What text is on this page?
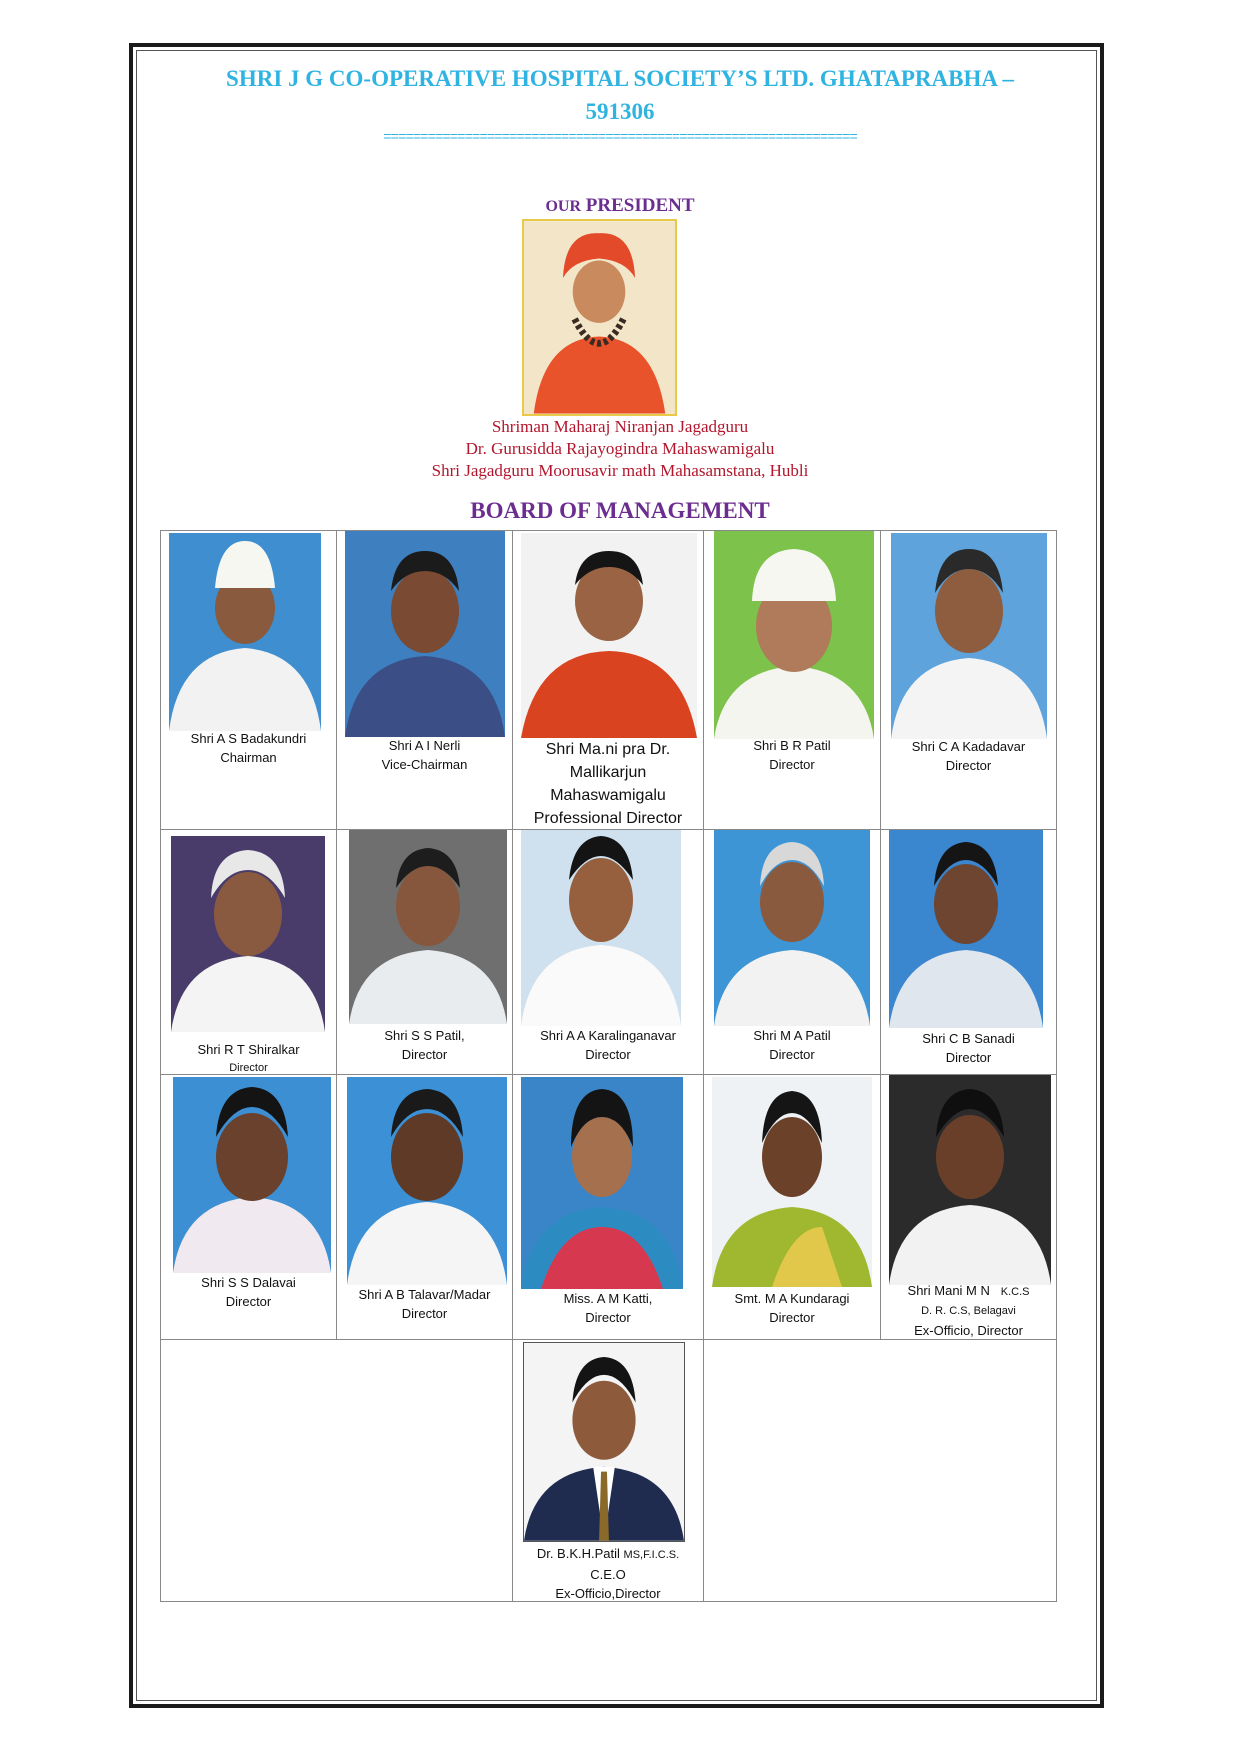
SHRI J G CO-OPERATIVE HOSPITAL SOCIETY’S LTD. GHATAPRABHA –
591306
================================================================
OUR PRESIDENT
Shriman Maharaj Niranjan Jagadguru
Dr. Gurusidda Rajayogindra Mahaswamigalu
Shri Jagadguru Moorusavir math Mahasamstana, Hubli
BOARD OF MANAGEMENT
Shri A S Badakundri
Chairman
Shri A I Nerli
Vice-Chairman
Shri Ma.ni pra Dr.
Mallikarjun
Mahaswamigalu
Professional Director
Shri B R Patil
Director
Shri C A Kadadavar
Director
Shri R T Shiralkar
Director
Shri S S Patil,
Director
Shri A A Karalinganavar
Director
Shri M A Patil
Director
Shri C B Sanadi
Director
Shri S S Dalavai
Director	Shri A B Talavar/Madar
Director
Miss. A M Katti,
Director
Smt. M A Kundaragi
Director
Shri Mani M N K.C.S
D. R. C.S, Belagavi
Ex-Officio, Director
Dr. B.K.H.Patil MS,F.I.C.S.
C.E.O
Ex-Officio,Director
